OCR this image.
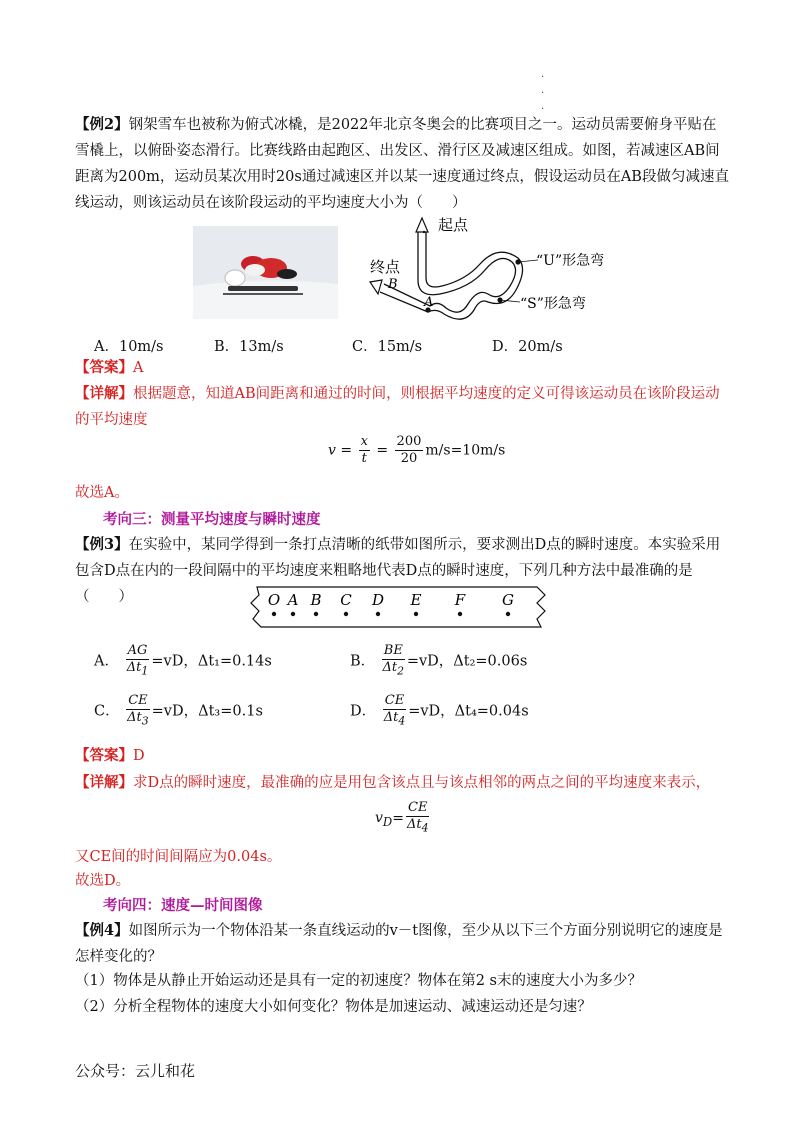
·
·
·
【例2】钢架雪车也被称为俯式冰橇，是2022年北京冬奥会的比赛项目之一。运动员需要俯身平贴在雪橇上，以俯卧姿态滑行。比赛线路由起跑区、出发区、滑行区及减速区组成。如图，若减速区AB间距离为200m，运动员某次用时20s通过减速区并以某一速度通过终点，假设运动员在AB段做匀减速直线运动，则该运动员在该阶段运动的平均速度大小为（　　）
起点
终点	“U”形急弯
“S”形急弯
A
B
A．10m/s	B．13m/s	C．15m/s	D．20m/s
【答案】A
【详解】根据题意，知道AB间距离和通过的时间，则根据平均速度的定义可得该运动员在该阶段运动的平均速度
$v = \frac{x}{t} = \frac{200}{20} m/s=10m/s$
故选A。
考向三：测量平均速度与瞬时速度
【例3】在实验中，某同学得到一条打点清晰的纸带如图所示，要求测出D点的瞬时速度。本实验采用包含D点在内的一段间隔中的平均速度来粗略地代表D点的瞬时速度，下列几种方法中最准确的是（　　）	O A B C D E F G
A． $\frac{AG}{\Delta t_1} =vD$，Δt₁=0.14s	B． $\frac{BE}{\Delta t_2} =vD$，Δt₂=0.06s
C． $\frac{CE}{\Delta t_3} =vD$，Δt₃=0.1s	D． $\frac{CE}{\Delta t_4} =vD$，Δt₄=0.04s
【答案】D
【详解】求D点的瞬时速度，最准确的应是用包含该点且与该点相邻的两点之间的平均速度来表示，
$v_D= \frac{CE}{\Delta t_4}$
又CE间的时间间隔应为0.04s。
故选D。
考向四：速度—时间图像
【例4】如图所示为一个物体沿某一条直线运动的v－t图像，至少从以下三个方面分别说明它的速度是怎样变化的？
（1）物体是从静止开始运动还是具有一定的初速度？物体在第2 s末的速度大小为多少？
（2）分析全程物体的速度大小如何变化？物体是加速运动、减速运动还是匀速？
公众号：云儿和花
